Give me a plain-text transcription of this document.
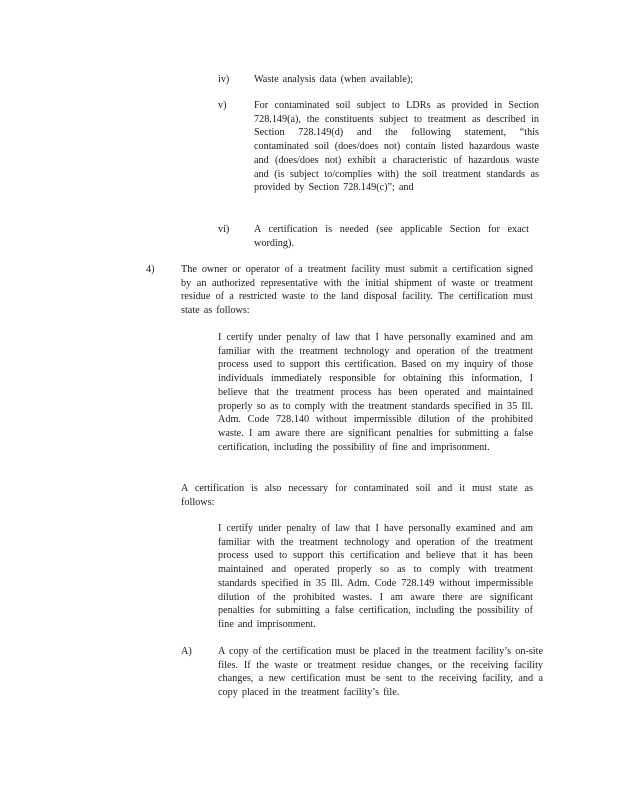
iv) Waste analysis data (when available);
v)	For contaminated soil subject to LDRs as provided in Section 728.149(a), the constituents subject to treatment as described in Section 728.149(d) and the following statement, “this contaminated soil (does/does not) contain listed hazardous waste and (does/does not) exhibit a characteristic of hazardous waste and (is subject to/complies with) the soil treatment standards as provided by Section 728.149(c)”; and
vi) A certification is needed (see applicable Section for exact wording).
4)	The owner or operator of a treatment facility must submit a certification signed by an authorized representative with the initial shipment of waste or treatment residue of a restricted waste to the land disposal facility. The certification must state as follows:
I certify under penalty of law that I have personally examined and am familiar with the treatment technology and operation of the treatment process used to support this certification. Based on my inquiry of those individuals immediately responsible for obtaining this information, I believe that the treatment process has been operated and maintained properly so as to comply with the treatment standards specified in 35 Ill. Adm. Code 728.140 without impermissible dilution of the prohibited waste. I am aware there are significant penalties for submitting a false certification, including the possibility of fine and imprisonment.
A certification is also necessary for contaminated soil and it must state as follows:
I certify under penalty of law that I have personally examined and am familiar with the treatment technology and operation of the treatment process used to support this certification and believe that it has been maintained and operated properly so as to comply with treatment standards specified in 35 Ill. Adm. Code 728.149 without impermissible dilution of the prohibited wastes. I am aware there are significant penalties for submitting a false certification, including the possibility of fine and imprisonment.
A)	A copy of the certification must be placed in the treatment facility’s on-site files. If the waste or treatment residue changes, or the receiving facility changes, a new certification must be sent to the receiving facility, and a copy placed in the treatment facility’s file.
